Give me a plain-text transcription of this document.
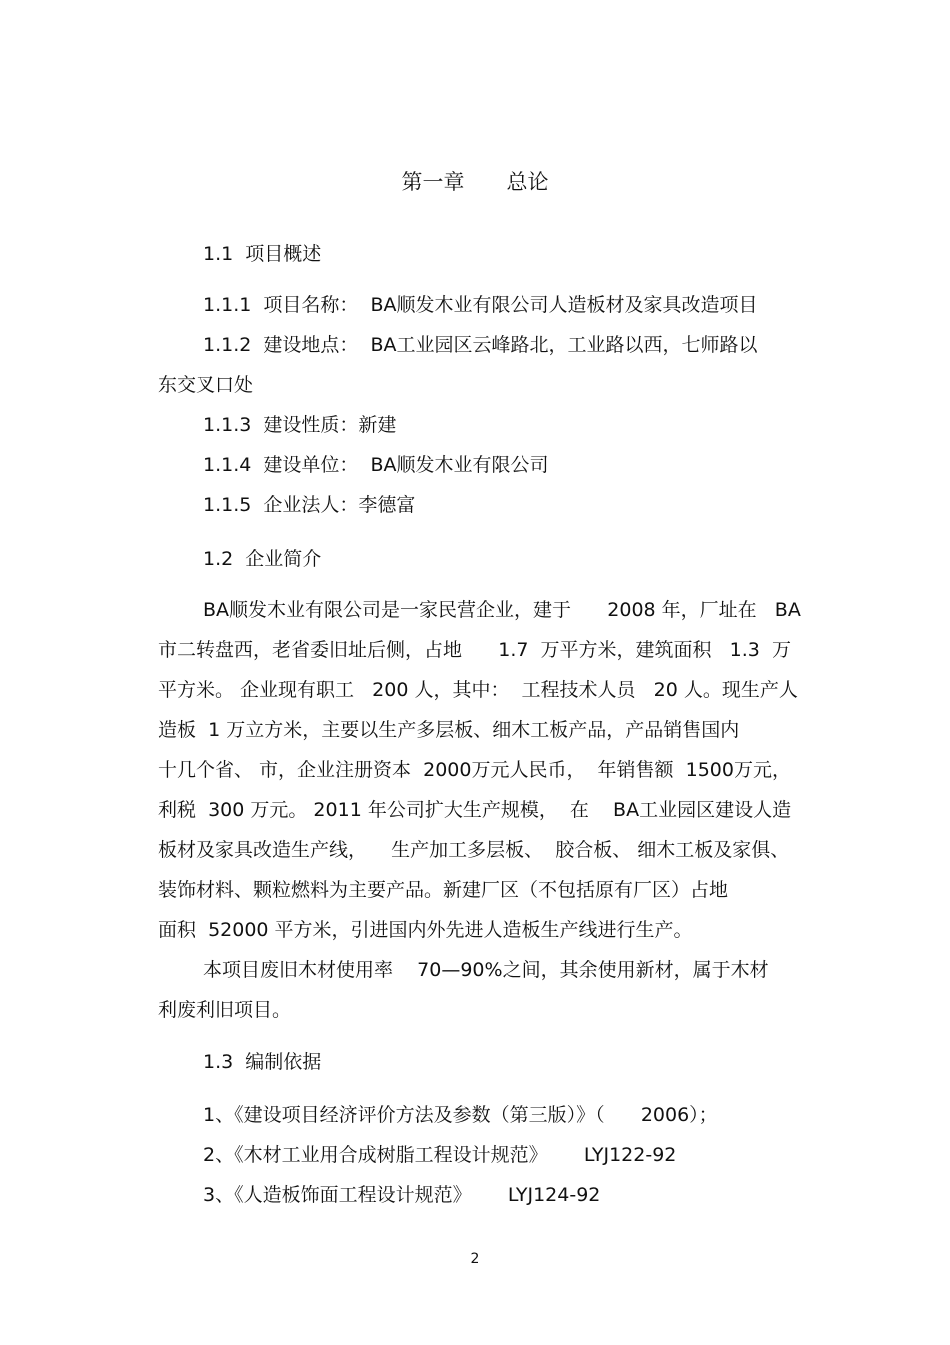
第一章　　总论
1.1  项目概述
1.1.1  项目名称：  BA顺发木业有限公司人造板材及家具改造项目
1.1.2  建设地点：  BA工业园区云峰路北，工业路以西，七师路以
东交叉口处
1.1.3  建设性质：新建
1.1.4  建设单位：  BA顺发木业有限公司
1.1.5  企业法人：李德富
1.2  企业简介
BA顺发木业有限公司是一家民营企业，建于      2008 年，厂址在   BA
市二转盘西，老省委旧址后侧，占地      1.7  万平方米，建筑面积   1.3  万
平方米。 企业现有职工   200 人，其中：  工程技术人员   20 人。现生产人
造板  1 万立方米，主要以生产多层板、细木工板产品，产品销售国内
十几个省、 市，企业注册资本  2000万元人民币，  年销售额  1500万元，
利税  300 万元。 2011 年公司扩大生产规模，  在    BA工业园区建设人造
板材及家具改造生产线，    生产加工多层板、  胶合板、 细木工板及家俱、
装饰材料、颗粒燃料为主要产品。新建厂区（不包括原有厂区）占地
面积  52000 平方米，引进国内外先进人造板生产线进行生产。
本项目废旧木材使用率    70—90%之间，其余使用新材，属于木材
利废利旧项目。
1.3  编制依据
1、《建设项目经济评价方法及参数（第三版）》（      2006）；
2、《木材工业用合成树脂工程设计规范》      LYJ122-92
3、《人造板饰面工程设计规范》      LYJ124-92
2
